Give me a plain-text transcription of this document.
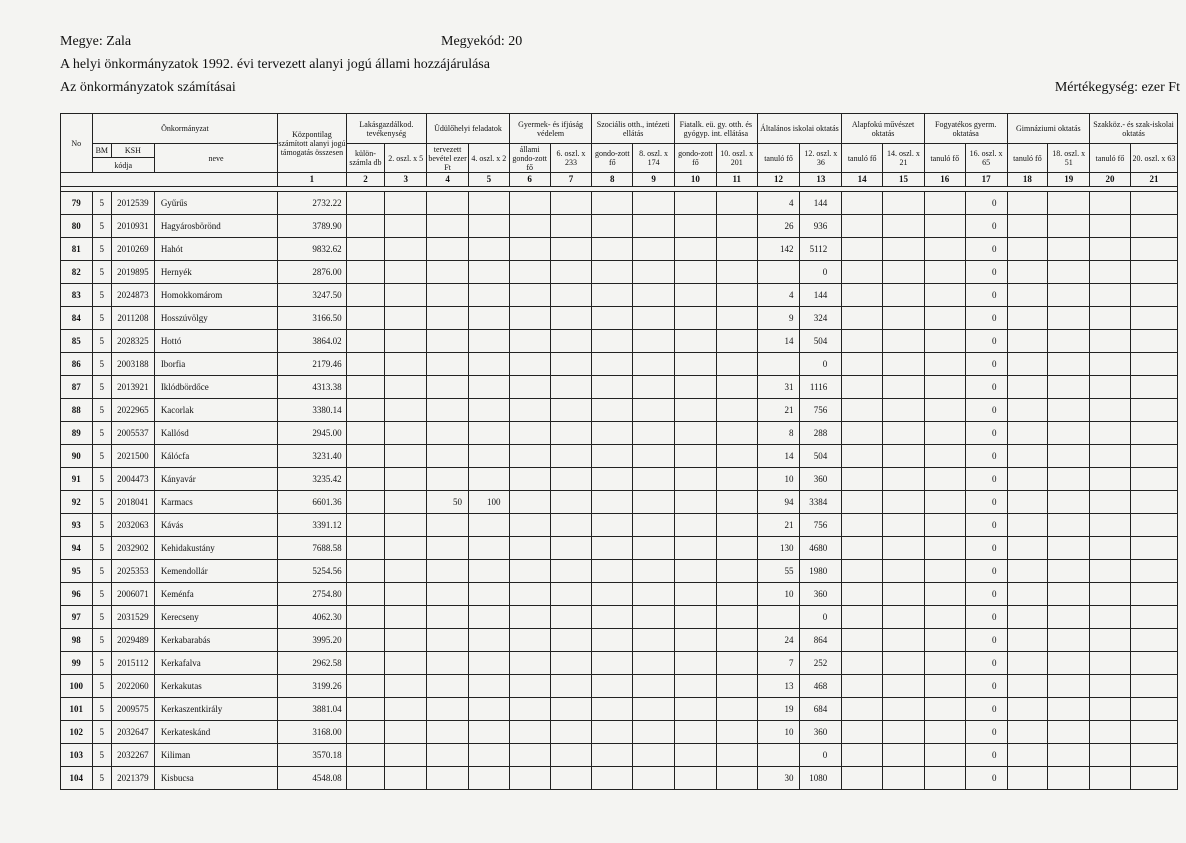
Megye: Zala	Megyekód: 20
A helyi önkormányzatok 1992. évi tervezett alanyi jogú állami hozzájárulása
Az önkormányzatok számításai	Mértékegység: ezer Ft
No	Önkormányzat			Központilag számított alanyi jogú támogatás összesen	Lakásgazdálkod. tevékenység		Üdülőhelyi feladatok		Gyermek- és ifjúság védelem		Szociális otth., intézeti ellátás		Fiatalk. eü. gy. otth. és gyógyp. int. ellátása		Általános iskolai oktatás		Alapfokú művészet oktatás		Fogyatékos gyerm. oktatása		Gimnáziumi oktatás		Szakköz.- és szak-iskolai oktatás	
	BM	KSH	neve		külön-számla db	2. oszl. x 5	tervezett bevétel ezer Ft	4. oszl. x 2	állami gondo-zott fő	6. oszl. x 233	gondo-zott fő	8. oszl. x 174	gondo-zott fő	10. oszl. x 201	tanuló fő	12. oszl. x 36	tanuló fő	14. oszl. x 21	tanuló fő	16. oszl. x 65	tanuló fő	18. oszl. x 51	tanuló fő	20. oszl. x 63
	kódja																							
				1	2	3	4	5	6	7	8	9	10	11	12	13	14	15	16	17	18	19	20	21

79	5	2012539	Gyűrűs	2732.22											4	144				0				
80	5	2010931	Hagyárosbörönd	3789.90											26	936				0				
81	5	2010269	Hahót	9832.62											142	5112				0				
82	5	2019895	Hernyék	2876.00												0				0				
83	5	2024873	Homokkomárom	3247.50											4	144				0				
84	5	2011208	Hosszúvölgy	3166.50											9	324				0				
85	5	2028325	Hottó	3864.02											14	504				0				
86	5	2003188	Iborfia	2179.46												0				0				
87	5	2013921	Iklódbördőce	4313.38											31	1116				0				
88	5	2022965	Kacorlak	3380.14											21	756				0				
89	5	2005537	Kallósd	2945.00											8	288				0				
90	5	2021500	Kálócfa	3231.40											14	504				0				
91	5	2004473	Kányavár	3235.42											10	360				0				
92	5	2018041	Karmacs	6601.36			50	100							94	3384				0				
93	5	2032063	Kávás	3391.12											21	756				0				
94	5	2032902	Kehidakustány	7688.58											130	4680				0				
95	5	2025353	Kemendollár	5254.56											55	1980				0				
96	5	2006071	Keménfa	2754.80											10	360				0				
97	5	2031529	Kerecseny	4062.30												0				0				
98	5	2029489	Kerkabarabás	3995.20											24	864				0				
99	5	2015112	Kerkafalva	2962.58											7	252				0				
100	5	2022060	Kerkakutas	3199.26											13	468				0				
101	5	2009575	Kerkaszentkirály	3881.04											19	684				0				
102	5	2032647	Kerkateskánd	3168.00											10	360				0				
103	5	2032267	Kiliman	3570.18												0				0				
104	5	2021379	Kisbucsa	4548.08											30	1080				0				
